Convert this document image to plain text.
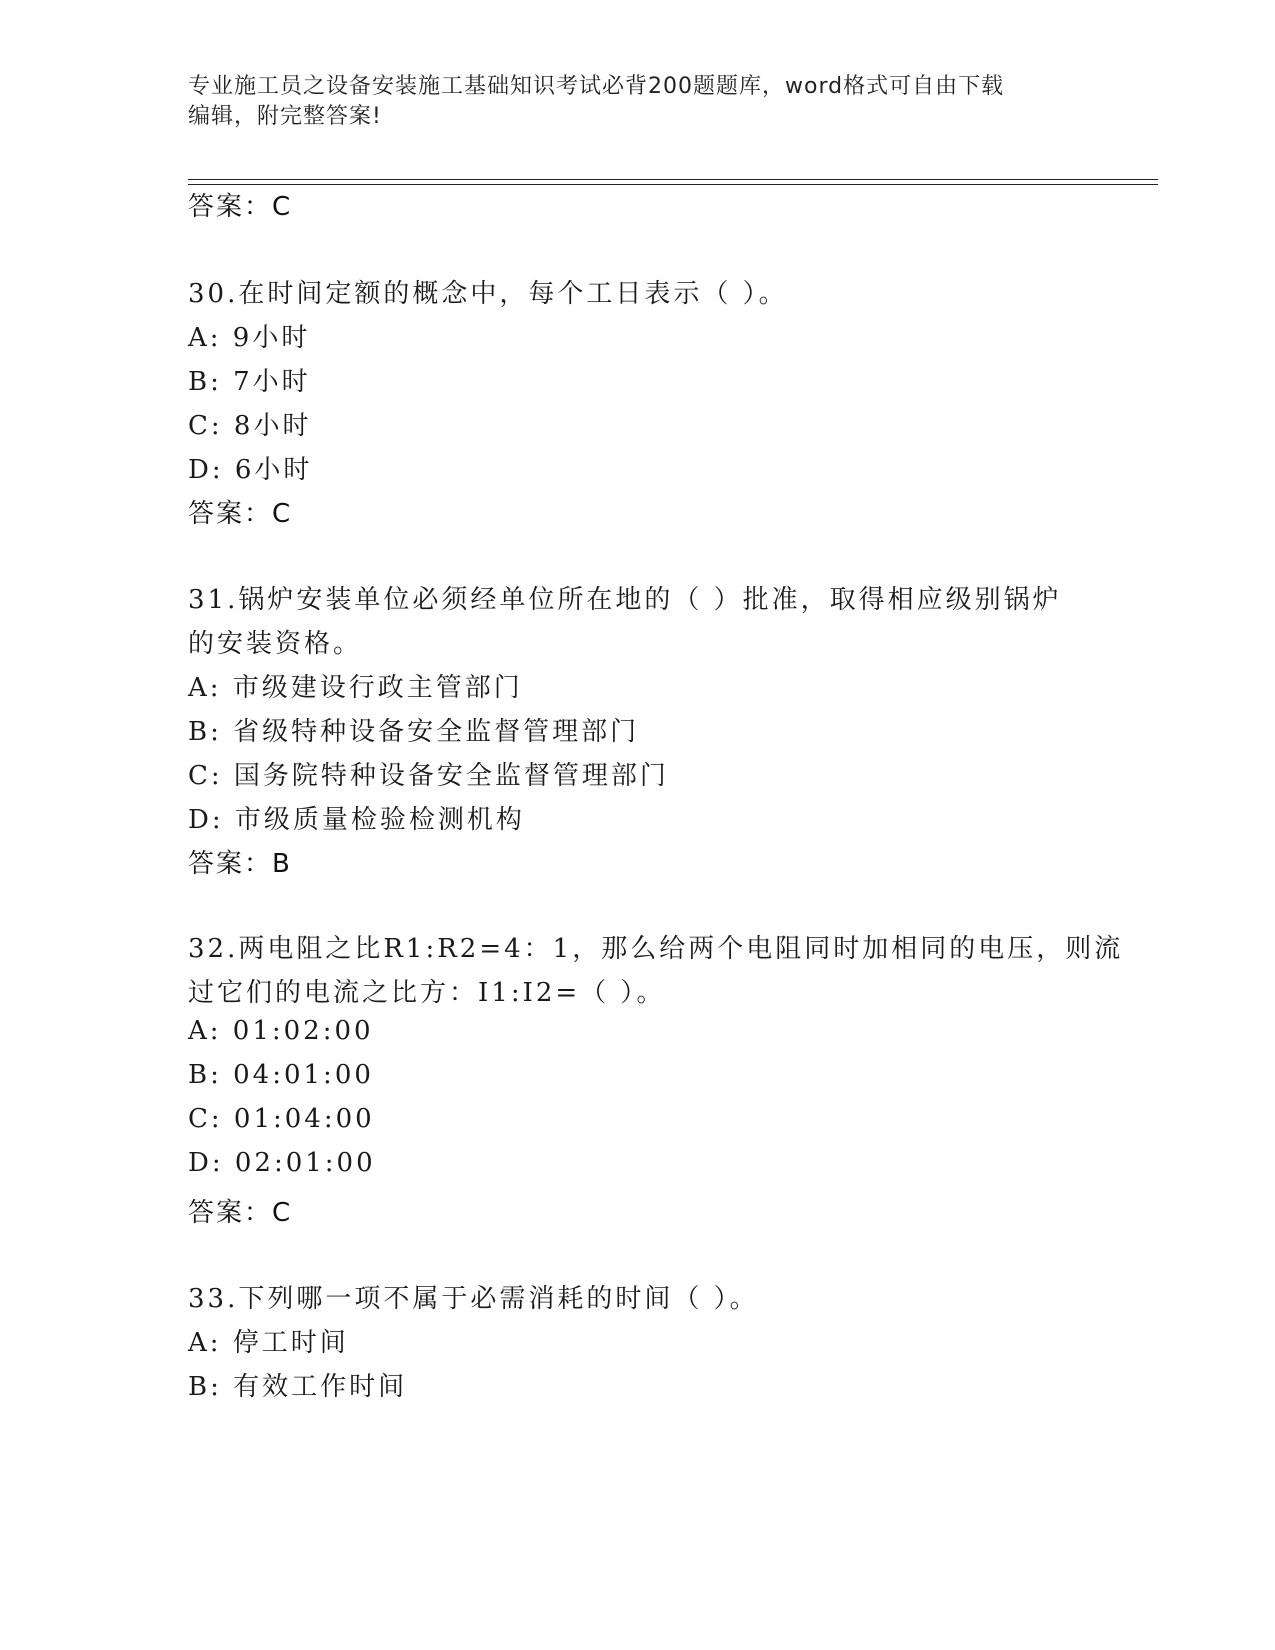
专业施工员之设备安装施工基础知识考试必背200题题库，word格式可自由下载
编辑，附完整答案!
答案：C
30.在时间定额的概念中，每个工日表示（ ）。
A: 9小时
B: 7小时
C: 8小时
D: 6小时
答案：C
31.锅炉安装单位必须经单位所在地的（ ）批准，取得相应级别锅炉
的安装资格。
A: 市级建设行政主管部门
B: 省级特种设备安全监督管理部门
C: 国务院特种设备安全监督管理部门
D: 市级质量检验检测机构
答案：B
32.两电阻之比R1:R2=4：1，那么给两个电阻同时加相同的电压，则流
过它们的电流之比方：I1:I2=（ ）。
A: 01:02:00
B: 04:01:00
C: 01:04:00
D: 02:01:00
答案：C
33.下列哪一项不属于必需消耗的时间（ ）。
A: 停工时间
B: 有效工作时间
